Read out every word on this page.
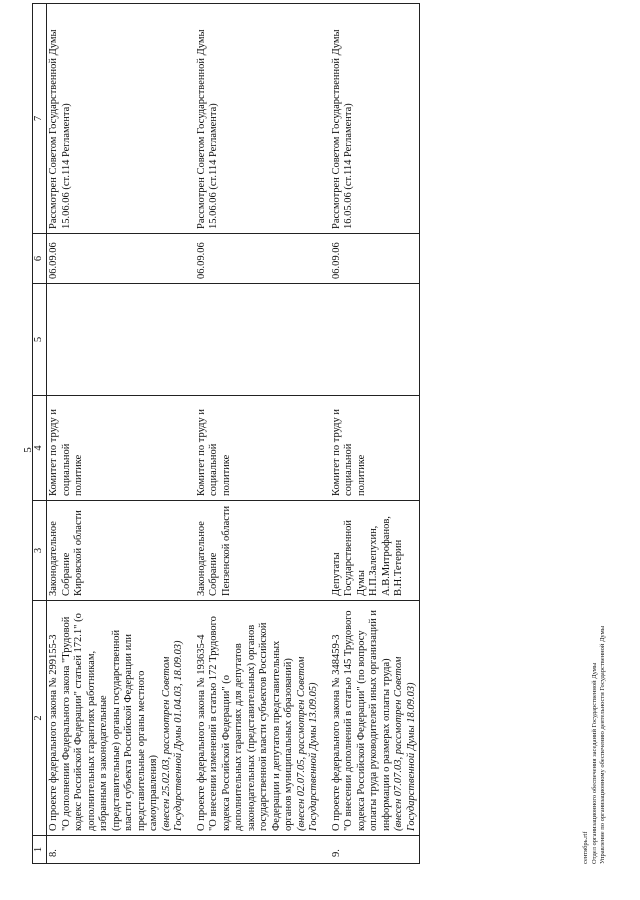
5
1	2	3	4	5	6	7
8.	О проекте федерального закона № 299155-3 "О дополнении Федерального закона "Трудовой кодекс Российской Федерации" статьей 172.1" (о дополнительных гарантиях работникам, избранным в законодательные (представительные) органы государственной власти субъекта Российской Федерации или представительные органы местного самоуправления) (внесен 25.02.03, рассмотрен Советом Государственной Думы 01.04.03, 18.09.03)	Законодательное Собрание Кировской области	Комитет по труду и социальной политике		06.09.06	Рассмотрен Советом Государственной Думы 15.06.06 (ст.114 Регламента)

	О проекте федерального закона № 193635-4 "О внесении изменений в статью 172 Трудового кодекса Российской Федерации" (о дополнительных гарантиях для депутатов законодательных (представительных) органов государственной власти субъектов Российской Федерации и депутатов представительных органов муниципальных образований) (внесен 02.07.05, рассмотрен Советом Государственной Думы 13.09.05)	Законодательное Собрание Пензенской области	Комитет по труду и социальной политике		06.09.06	Рассмотрен Советом Государственной Думы 15.06.06 (ст.114 Регламента)

9.	О проекте федерального закона № 348459-3 "О внесении дополнений в статью 145 Трудового кодекса Российской Федерации" (по вопросу оплаты труда руководителей иных организаций и информации о размерах оплаты труда) (внесен 07.07.03, рассмотрен Советом Государственной Думы 18.09.03)	Депутаты Государственной Думы Н.П.Залепухин, А.В.Митрофанов, В.Н.Тетерин	Комитет по труду и социальной политике		06.09.06	Рассмотрен Советом Государственной Думы 16.05.06 (ст.114 Регламента)
сентябрь.rtf Отдел организационного обеспечения заседаний Государственной Думы Управление по организационному обеспечению деятельности Государственной Думы
